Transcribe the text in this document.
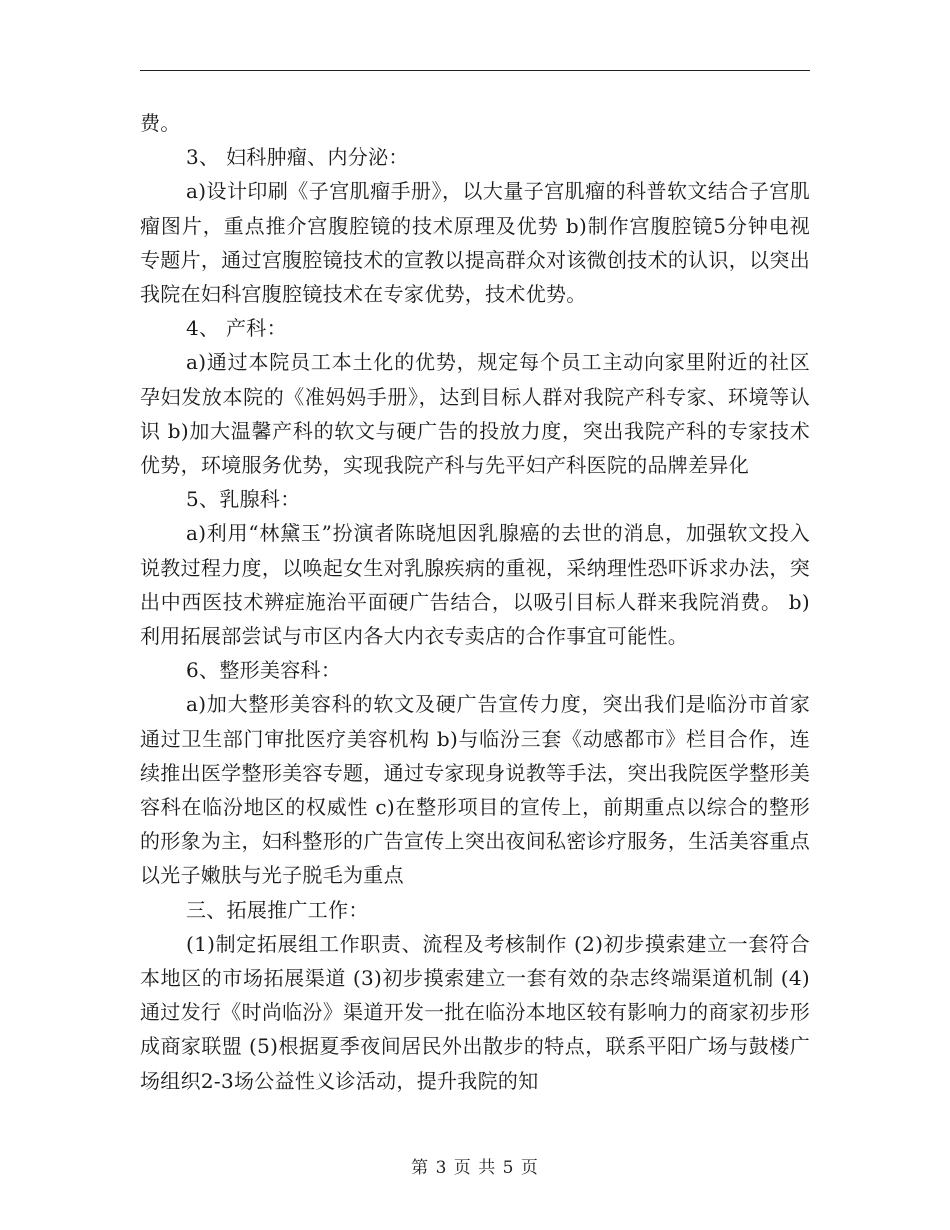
费。

3、 妇科肿瘤、内分泌：

a)设计印刷《子宫肌瘤手册》，以大量子宫肌瘤的科普软文结合子宫肌瘤图片，重点推介宫腹腔镜的技术原理及优势 b)制作宫腹腔镜5分钟电视专题片，通过宫腹腔镜技术的宣教以提高群众对该微创技术的认识，以突出我院在妇科宫腹腔镜技术在专家优势，技术优势。

4、 产科：

a)通过本院员工本土化的优势，规定每个员工主动向家里附近的社区孕妇发放本院的《准妈妈手册》，达到目标人群对我院产科专家、环境等认识 b)加大温馨产科的软文与硬广告的投放力度，突出我院产科的专家技术优势，环境服务优势，实现我院产科与先平妇产科医院的品牌差异化

5、乳腺科：

a)利用“林黛玉”扮演者陈晓旭因乳腺癌的去世的消息，加强软文投入说教过程力度，以唤起女生对乳腺疾病的重视，采纳理性恐吓诉求办法，突出中西医技术辨症施治平面硬广告结合，以吸引目标人群来我院消费。 b)利用拓展部尝试与市区内各大内衣专卖店的合作事宜可能性。

6、整形美容科：

a)加大整形美容科的软文及硬广告宣传力度，突出我们是临汾市首家通过卫生部门审批医疗美容机构 b)与临汾三套《动感都市》栏目合作，连续推出医学整形美容专题，通过专家现身说教等手法，突出我院医学整形美容科在临汾地区的权威性 c)在整形项目的宣传上，前期重点以综合的整形的形象为主，妇科整形的广告宣传上突出夜间私密诊疗服务，生活美容重点以光子嫩肤与光子脱毛为重点

三、拓展推广工作：

(1)制定拓展组工作职责、流程及考核制作 (2)初步摸索建立一套符合本地区的市场拓展渠道 (3)初步摸索建立一套有效的杂志终端渠道机制 (4)通过发行《时尚临汾》渠道开发一批在临汾本地区较有影响力的商家初步形成商家联盟 (5)根据夏季夜间居民外出散步的特点，联系平阳广场与鼓楼广场组织2-3场公益性义诊活动，提升我院的知

第 3 页 共 5 页
